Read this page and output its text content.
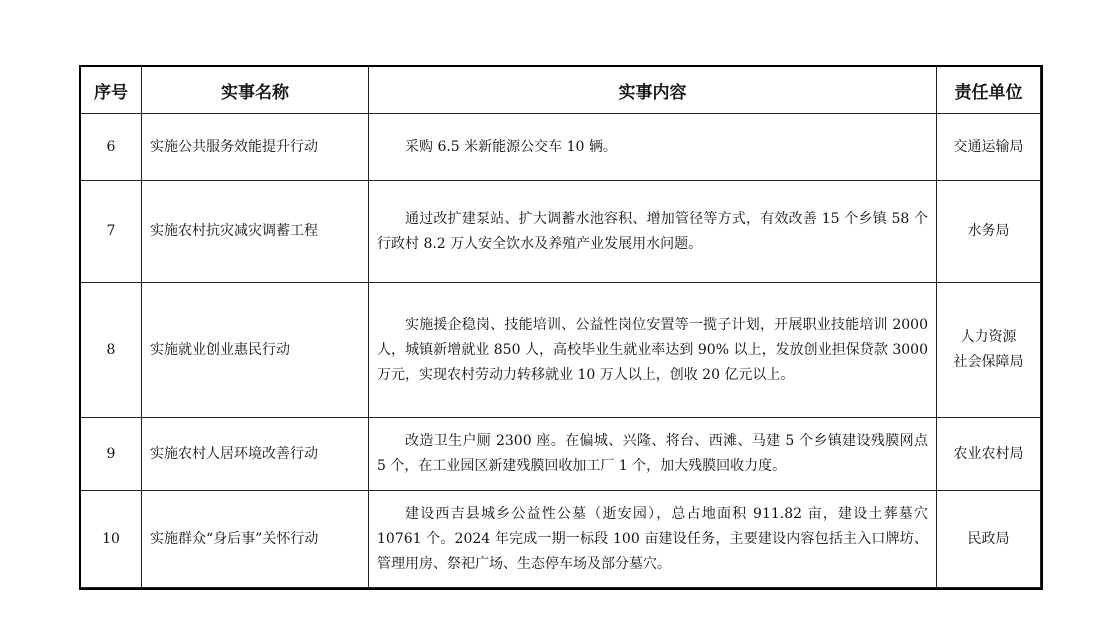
序号	实事名称	实事内容	责任单位
6	实施公共服务效能提升行动	采购 6.5 米新能源公交车 10 辆。	交通运输局
7	实施农村抗灾减灾调蓄工程	通过改扩建泵站、扩大调蓄水池容积、增加管径等方式，有效改善 15 个乡镇 58 个行政村 8.2 万人安全饮水及养殖产业发展用水问题。	水务局
8	实施就业创业惠民行动	实施援企稳岗、技能培训、公益性岗位安置等一揽子计划，开展职业技能培训 2000 人，城镇新增就业 850 人，高校毕业生就业率达到 90% 以上，发放创业担保贷款 3000 万元，实现农村劳动力转移就业 10 万人以上，创收 20 亿元以上。	人力资源
社会保障局
9	实施农村人居环境改善行动	改造卫生户厕 2300 座。在偏城、兴隆、将台、西滩、马建 5 个乡镇建设残膜网点 5 个，在工业园区新建残膜回收加工厂 1 个，加大残膜回收力度。	农业农村局
10	实施群众“身后事”关怀行动	建设西吉县城乡公益性公墓（逝安园），总占地面积 911.82 亩，建设土葬墓穴 10761 个。2024 年完成一期一标段 100 亩建设任务，主要建设内容包括主入口牌坊、管理用房、祭祀广场、生态停车场及部分墓穴。	民政局
